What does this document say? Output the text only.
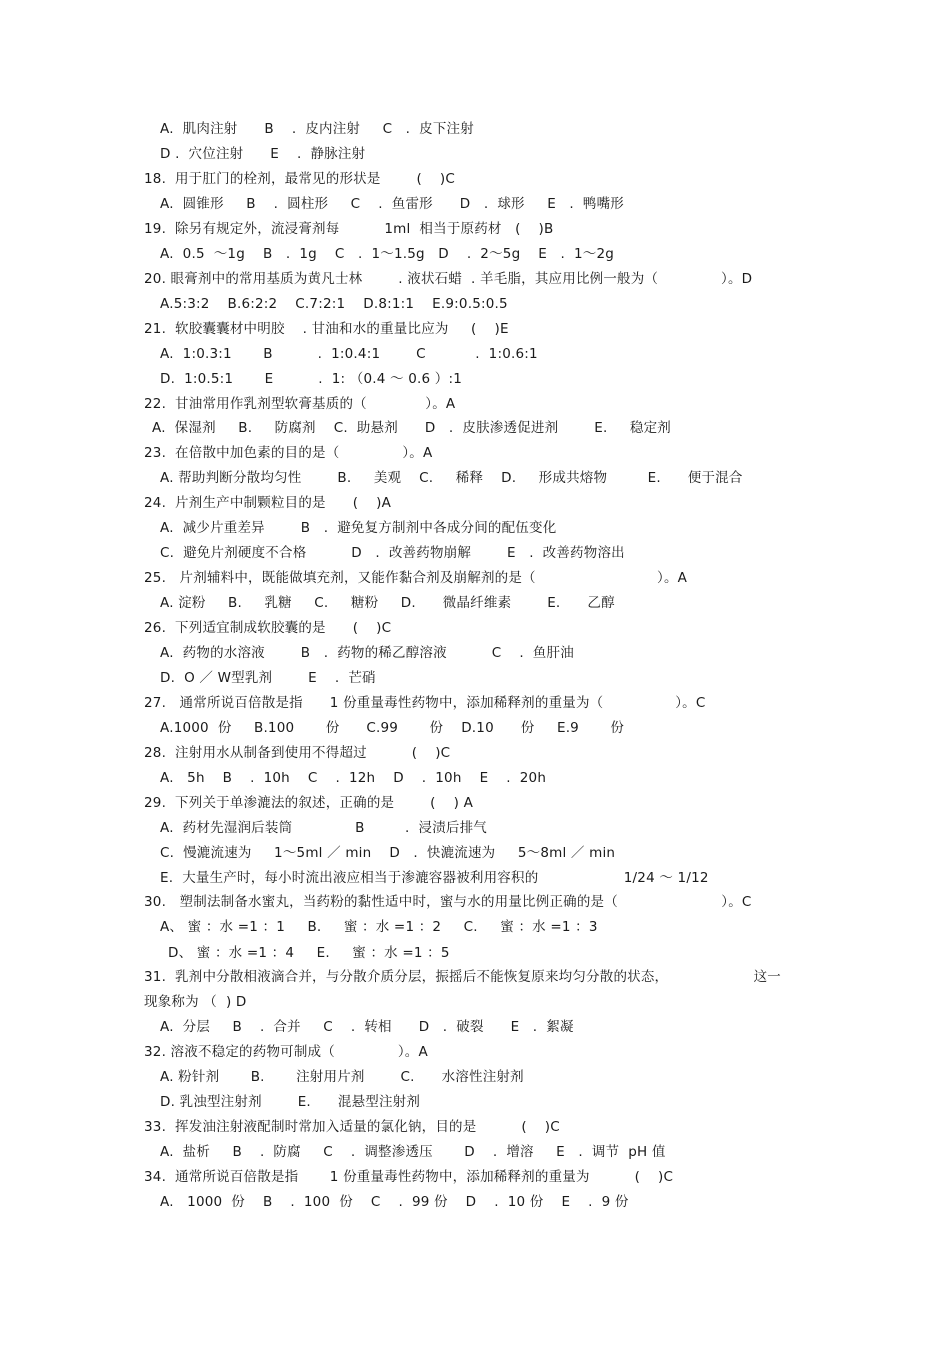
A.  肌肉注射      B    .  皮内注射     C   .  皮下注射
D .  穴位注射      E    .  静脉注射
18.  用于肛门的栓剂，最常见的形状是        (    )C
A.  圆锥形     B    .  圆柱形     C    .  鱼雷形      D   .  球形     E   .  鸭嘴形
19.  除另有规定外，流浸膏剂每          1ml  相当于原药材   (    )B
A.  0.5  ～1g    B   .  1g    C   .  1～1.5g   D    .  2～5g    E   .  1～2g
20. 眼膏剂中的常用基质为黄凡士林        . 液状石蜡  . 羊毛脂，其应用比例一般为（              ）。D
A.5:3:2    B.6:2:2    C.7:2:1    D.8:1:1    E.9:0.5:0.5
21.  软胶囊囊材中明胶    . 甘油和水的重量比应为     (    )E
A.  1:0.3:1       B          .  1:0.4:1        C           .  1:0.6:1
D.  1:0.5:1       E          .  1: （0.4 ～ 0.6 ）:1
22.  甘油常用作乳剂型软膏基质的（             ）。A
A.  保湿剂     B.     防腐剂    C.  助悬剂      D   .  皮肤渗透促进剂        E.     稳定剂
23.  在倍散中加色素的目的是（              ）。A
A. 帮助判断分散均匀性        B.     美观    C.     稀释    D.     形成共熔物         E.      便于混合
24.  片剂生产中制颗粒目的是      (    )A
A.  减少片重差异        B   .  避免复方制剂中各成分间的配伍变化
C.  避免片剂硬度不合格          D   .  改善药物崩解        E   .  改善药物溶出
25.   片剂辅料中，既能做填充剂，又能作黏合剂及崩解剂的是（                           ）。A
A. 淀粉     B.     乳糖     C.     糖粉     D.      微晶纤维素        E.      乙醇
26.  下列适宜制成软胶囊的是      (    )C
A.  药物的水溶液        B   .  药物的稀乙醇溶液          C    .  鱼肝油
D.  O ／ W型乳剂        E    .  芒硝
27.   通常所说百倍散是指      1 份重量毒性药物中，添加稀释剂的重量为（                ）。C
A.1000  份     B.100       份      C.99       份    D.10      份     E.9       份
28.  注射用水从制备到使用不得超过          (    )C
A.   5h    B    .  10h    C    .  12h    D    .  10h    E    .  20h
29.  下列关于单渗漉法的叙述，正确的是        (    ) A
A.  药材先湿润后装筒              B         .  浸渍后排气
C.  慢漉流速为     1～5ml ／ min    D   .  快漉流速为     5～8ml ／ min
E.  大量生产时，每小时流出液应相当于渗漉容器被利用容积的                   1/24 ～ 1/12
30.   塑制法制备水蜜丸，当药粉的黏性适中时，蜜与水的用量比例正确的是（                       ）。C
A、 蜜 ：水 =1 ：1     B.     蜜 ：水 =1 ：2     C.     蜜 ：水 =1 ：3
D、 蜜 ：水 =1 ：4     E.     蜜 ：水 =1 ：5
31.  乳剂中分散相液滴合并，与分散介质分层，振摇后不能恢复原来均匀分散的状态，                   这一
现象称为 （  ) D
A.  分层     B    .  合并     C    .  转相      D   .  破裂      E   .  絮凝
32. 溶液不稳定的药物可制成（              ）。A
A. 粉针剂       B.       注射用片剂        C.      水溶性注射剂
D. 乳浊型注射剂        E.      混悬型注射剂
33.  挥发油注射液配制时常加入适量的氯化钠，目的是          (    )C
A.  盐析     B    .  防腐     C    .  调整渗透压       D    .  增溶     E   .  调节  pH 值
34.  通常所说百倍散是指       1 份重量毒性药物中，添加稀释剂的重量为          (    )C
A.   1000  份    B    .  100  份    C    .  99 份    D    .  10 份    E    .  9 份
